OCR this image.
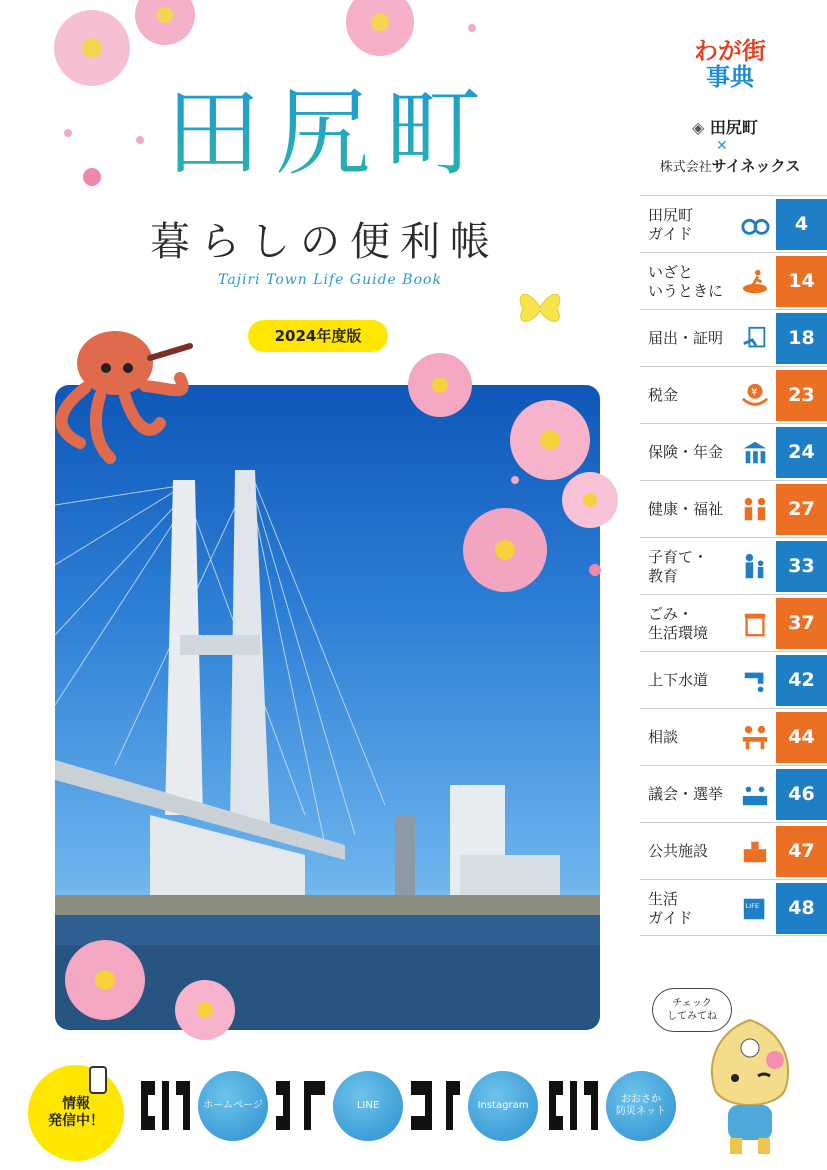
田尻町
暮らしの便利帳
Tajiri Town Life Guide Book
2024年度版
わが街
事典
◈ 田尻町
✕
株式会社サイネックス
田尻町
ガイド	4
いざと
いうときに	14
届出・証明	18
税金	¥	23
保険・年金	24
健康・福祉	27
子育て・
教育	33
ごみ・
生活環境	37
上下水道	42
相談	44
議会・選挙	46
公共施設	47
生活
ガイド
LIFE	48
チェック
してみてね
情報
発信中！
ホームページ	LINE	Instagram
おおさか
防災ネット
